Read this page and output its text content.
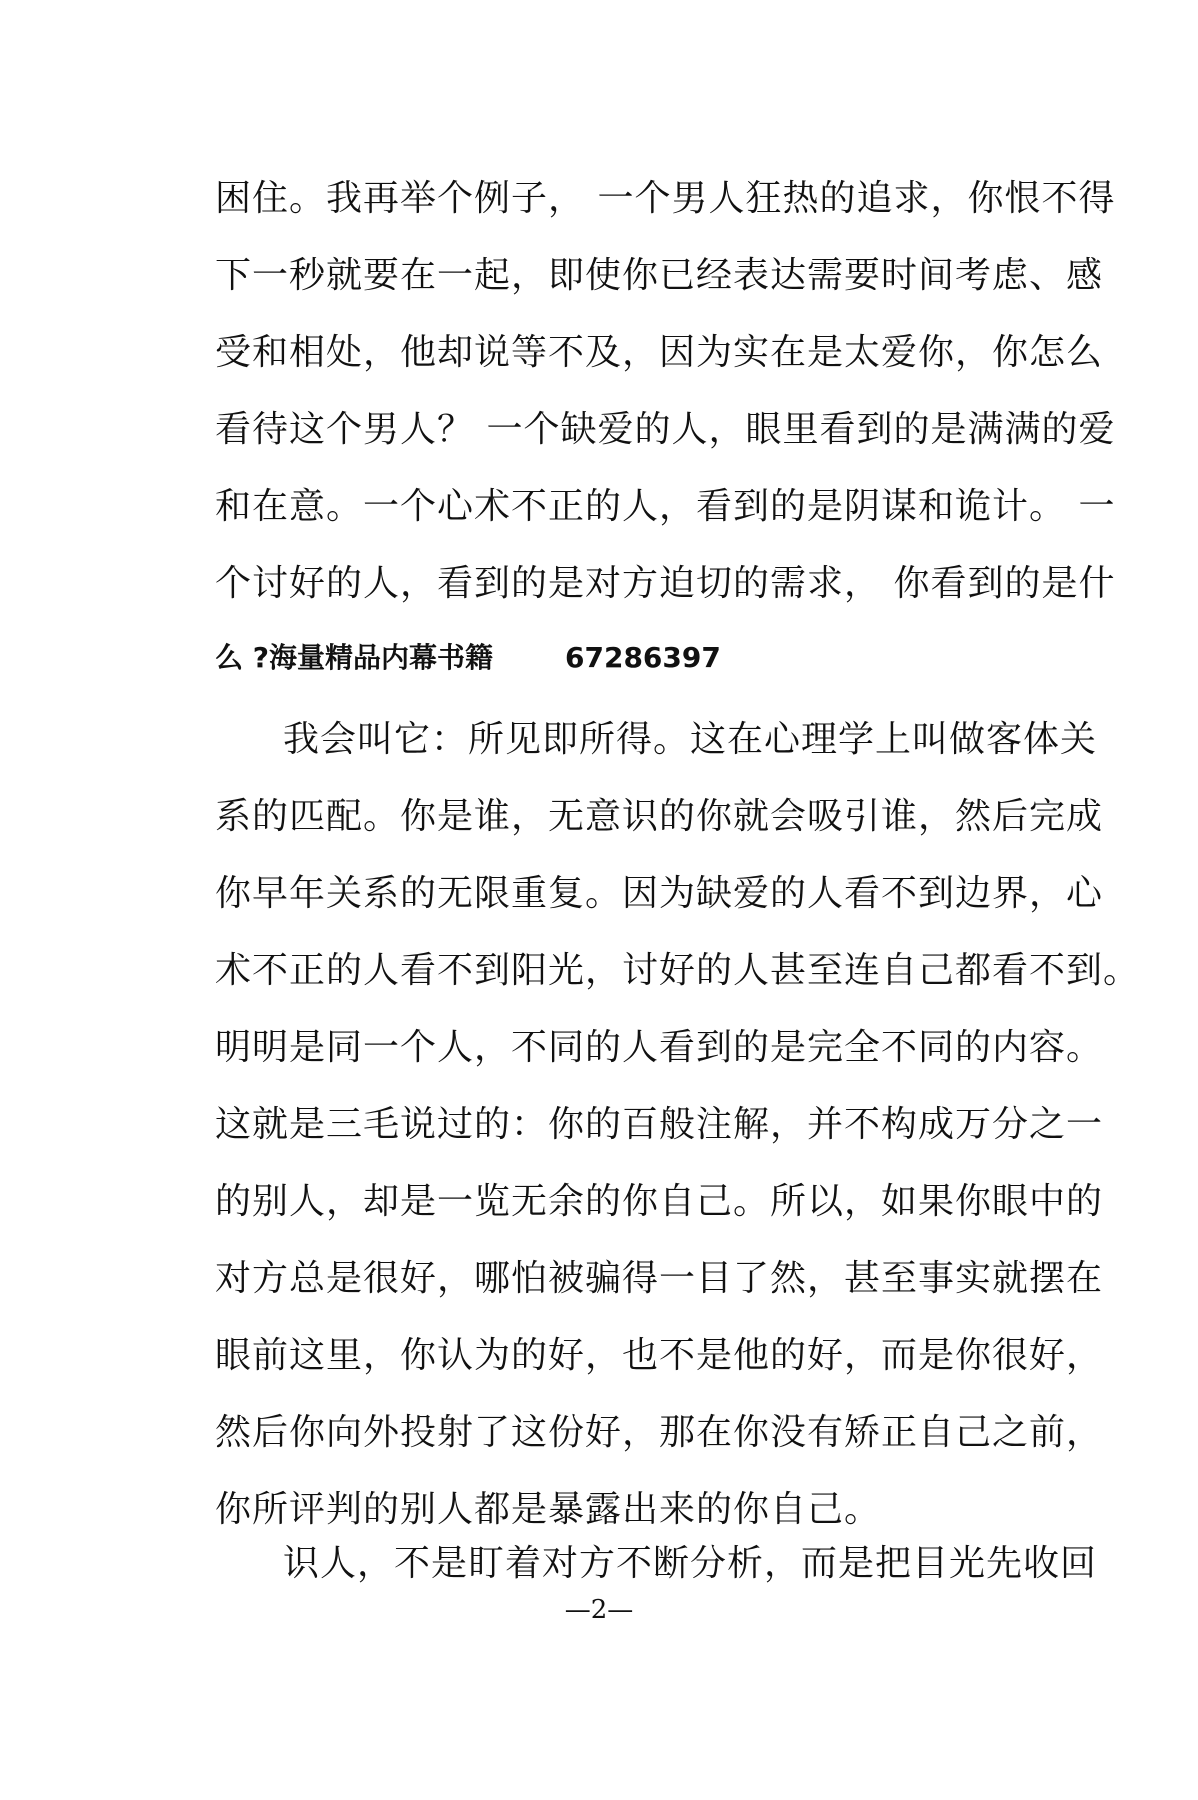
困住。我再举个例子， 一个男人狂热的追求，你恨不得
下一秒就要在一起，即使你已经表达需要时间考虑、感
受和相处，他却说等不及，因为实在是太爱你，你怎么
看待这个男人？ 一个缺爱的人，眼里看到的是满满的爱
和在意。一个心术不正的人，看到的是阴谋和诡计。 一
个讨好的人，看到的是对方迫切的需求， 你看到的是什
么 ?海量精品内幕书籍	67286397
我会叫它：所见即所得。这在心理学上叫做客体关
系的匹配。你是谁，无意识的你就会吸引谁，然后完成
你早年关系的无限重复。因为缺爱的人看不到边界，心
术不正的人看不到阳光，讨好的人甚至连自己都看不到。
明明是同一个人，不同的人看到的是完全不同的内容。
这就是三毛说过的：你的百般注解，并不构成万分之一
的别人，却是一览无余的你自己。所以，如果你眼中的
对方总是很好，哪怕被骗得一目了然，甚至事实就摆在
眼前这里，你认为的好，也不是他的好，而是你很好，
然后你向外投射了这份好，那在你没有矫正自己之前，
你所评判的别人都是暴露出来的你自己。
—2—
识人，不是盯着对方不断分析，而是把目光先收回
